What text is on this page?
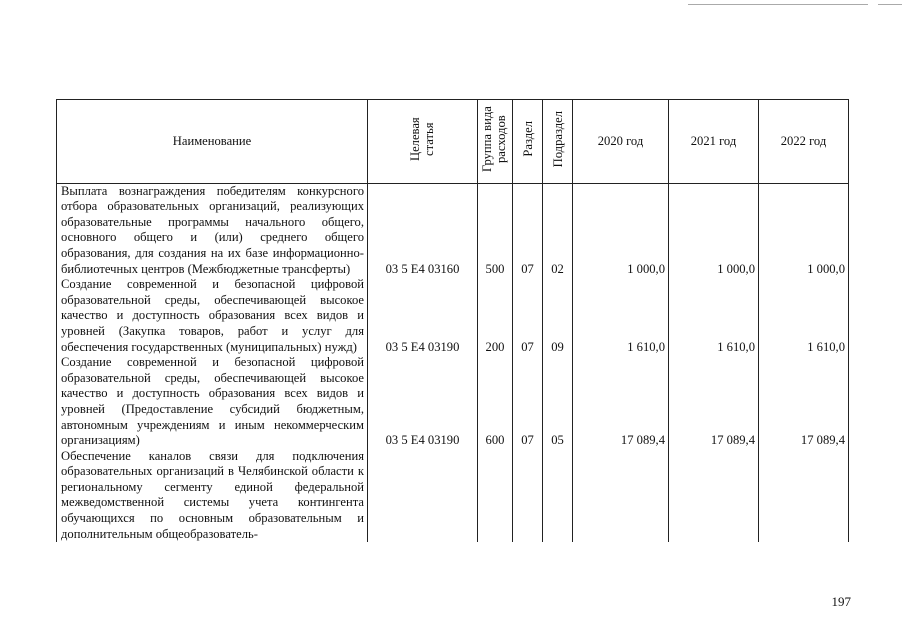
Наименование	Целевая статья	Группа вида расходов	Раздел	Подраздел	2020 год	2021 год	2022 год
Выплата вознаграждения победителям конкурсного отбора образовательных организаций, реализующих образовательные программы начального общего, основного общего и (или) среднего общего образования, для создания на их базе информационно-библиотечных центров (Межбюджетные трансферты)	03 5 Е4 03160	500	07	02	1 000,0	1 000,0	1 000,0
Создание современной и безопасной цифровой образовательной среды, обеспечивающей высокое качество и доступность образования всех видов и уровней (Закупка товаров, работ и услуг для обеспечения государственных (муниципальных) нужд)	03 5 Е4 03190	200	07	09	1 610,0	1 610,0	1 610,0
Создание современной и безопасной цифровой образовательной среды, обеспечивающей высокое качество и доступность образования всех видов и уровней (Предоставление субсидий бюджетным, автономным учреждениям и иным некоммерческим организациям)	03 5 Е4 03190	600	07	05	17 089,4	17 089,4	17 089,4
Обеспечение каналов связи для подключения образовательных организаций в Челябинской области к региональному сегменту единой федеральной межведомственной системы учета контингента обучающихся по основным образовательным и дополнительным общеобразователь-							
197
